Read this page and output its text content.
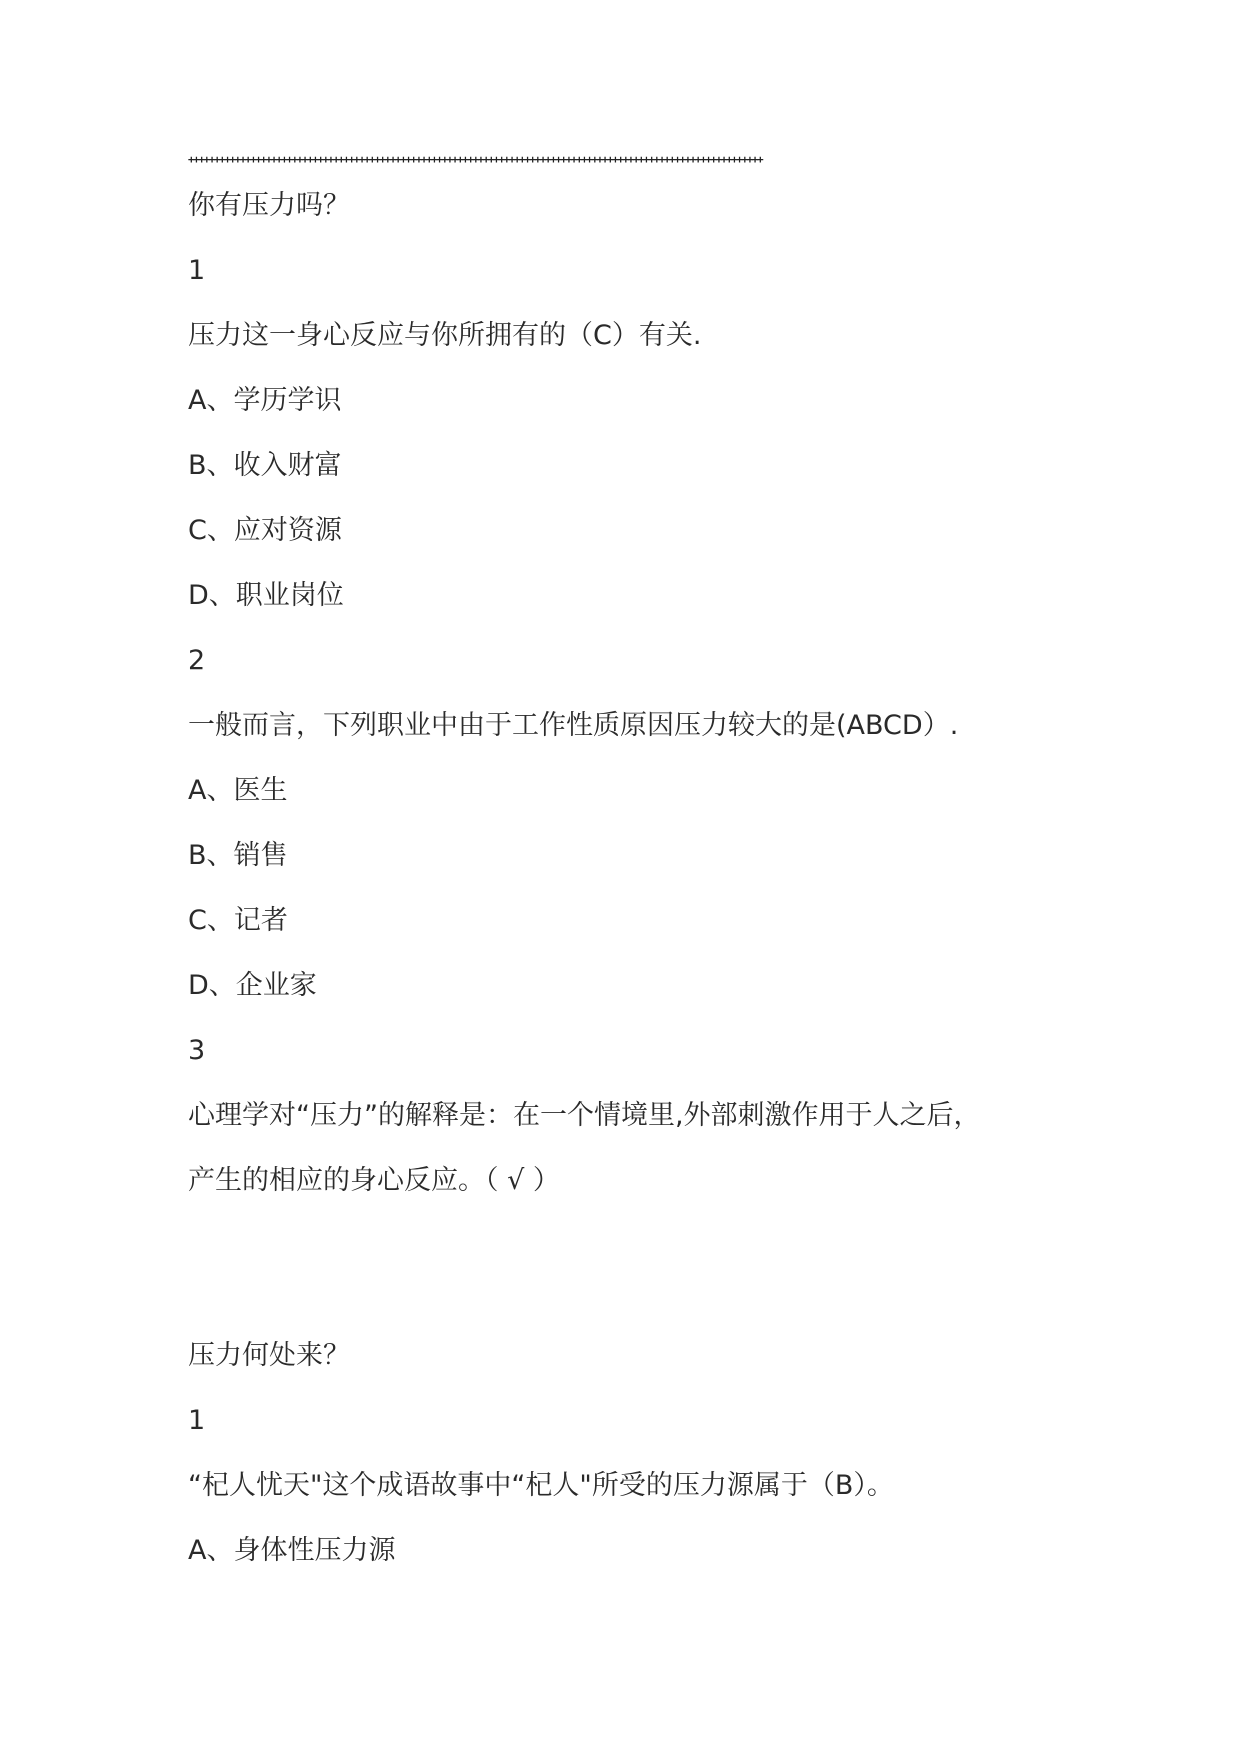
+++++++++++++++++++++++++++++++++++++++++++++++++++++++++++++++++++++++++++++++++++++++++++++++++++++++++++++++
你有压力吗？
1
压力这一身心反应与你所拥有的（C）有关.
A、学历学识
B、收入财富
C、应对资源
D、职业岗位
2
一般而言，下列职业中由于工作性质原因压力较大的是(ABCD）.
A、医生
B、销售
C、记者
D、企业家
3
心理学对“压力”的解释是：在一个情境里,外部刺激作用于人之后，
产生的相应的身心反应。（ √ ）
压力何处来？
1
“杞人忧天"这个成语故事中“杞人"所受的压力源属于（B）。
A、身体性压力源
